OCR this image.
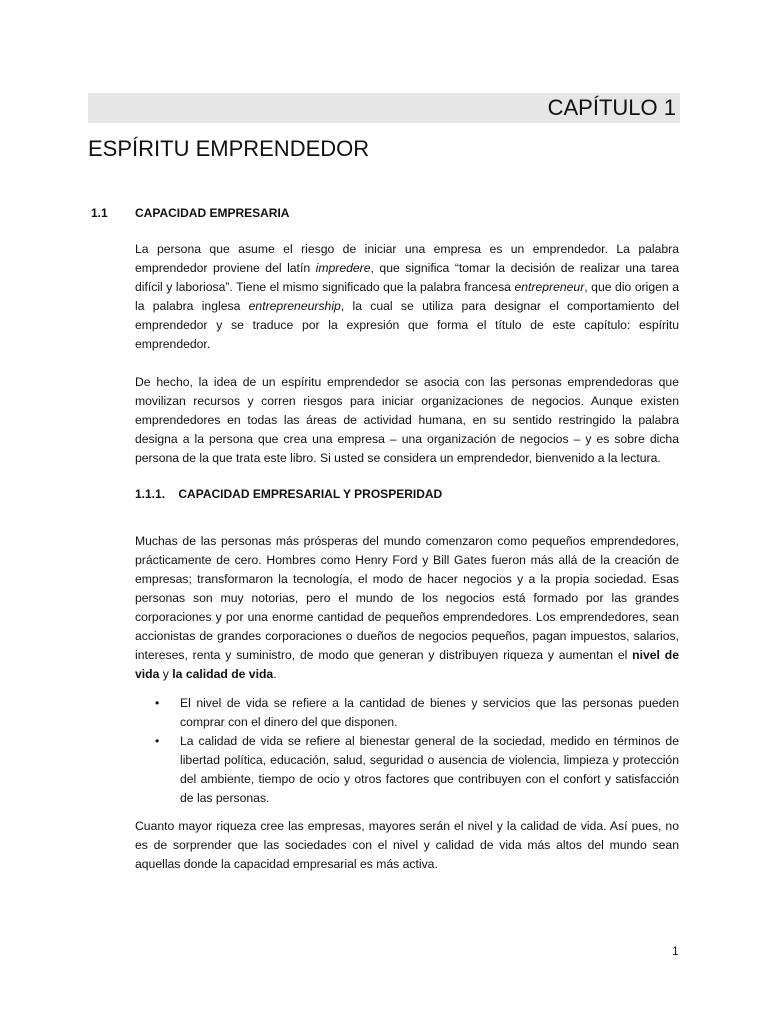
CAPÍTULO 1
ESPÍRITU EMPRENDEDOR
1.1 CAPACIDAD EMPRESARIA
La persona que asume el riesgo de iniciar una empresa es un emprendedor. La palabra emprendedor proviene del latín impredere, que significa “tomar la decisión de realizar una tarea difícil y laboriosa”. Tiene el mismo significado que la palabra francesa entrepreneur, que dio origen a la palabra inglesa entrepreneurship, la cual se utiliza para designar el comportamiento del emprendedor y se traduce por la expresión que forma el título de este capítulo: espíritu emprendedor.
De hecho, la idea de un espíritu emprendedor se asocia con las personas emprendedoras que movilizan recursos y corren riesgos para iniciar organizaciones de negocios. Aunque existen emprendedores en todas las áreas de actividad humana, en su sentido restringido la palabra designa a la persona que crea una empresa – una organización de negocios – y es sobre dicha persona de la que trata este libro. Si usted se considera un emprendedor, bienvenido a la lectura.
1.1.1. CAPACIDAD EMPRESARIAL Y PROSPERIDAD
Muchas de las personas más prósperas del mundo comenzaron como pequeños emprendedores, prácticamente de cero. Hombres como Henry Ford y Bill Gates fueron más allá de la creación de empresas; transformaron la tecnología, el modo de hacer negocios y a la propia sociedad. Esas personas son muy notorias, pero el mundo de los negocios está formado por las grandes corporaciones y por una enorme cantidad de pequeños emprendedores. Los emprendedores, sean accionistas de grandes corporaciones o dueños de negocios pequeños, pagan impuestos, salarios, intereses, renta y suministro, de modo que generan y distribuyen riqueza y aumentan el nivel de vida y la calidad de vida.
• El nivel de vida se refiere a la cantidad de bienes y servicios que las personas pueden comprar con el dinero del que disponen.
• La calidad de vida se refiere al bienestar general de la sociedad, medido en términos de libertad política, educación, salud, seguridad o ausencia de violencia, limpieza y protección del ambiente, tiempo de ocio y otros factores que contribuyen con el confort y satisfacción de las personas.
Cuanto mayor riqueza cree las empresas, mayores serán el nivel y la calidad de vida. Así pues, no es de sorprender que las sociedades con el nivel y calidad de vida más altos del mundo sean aquellas donde la capacidad empresarial es más activa.
1
